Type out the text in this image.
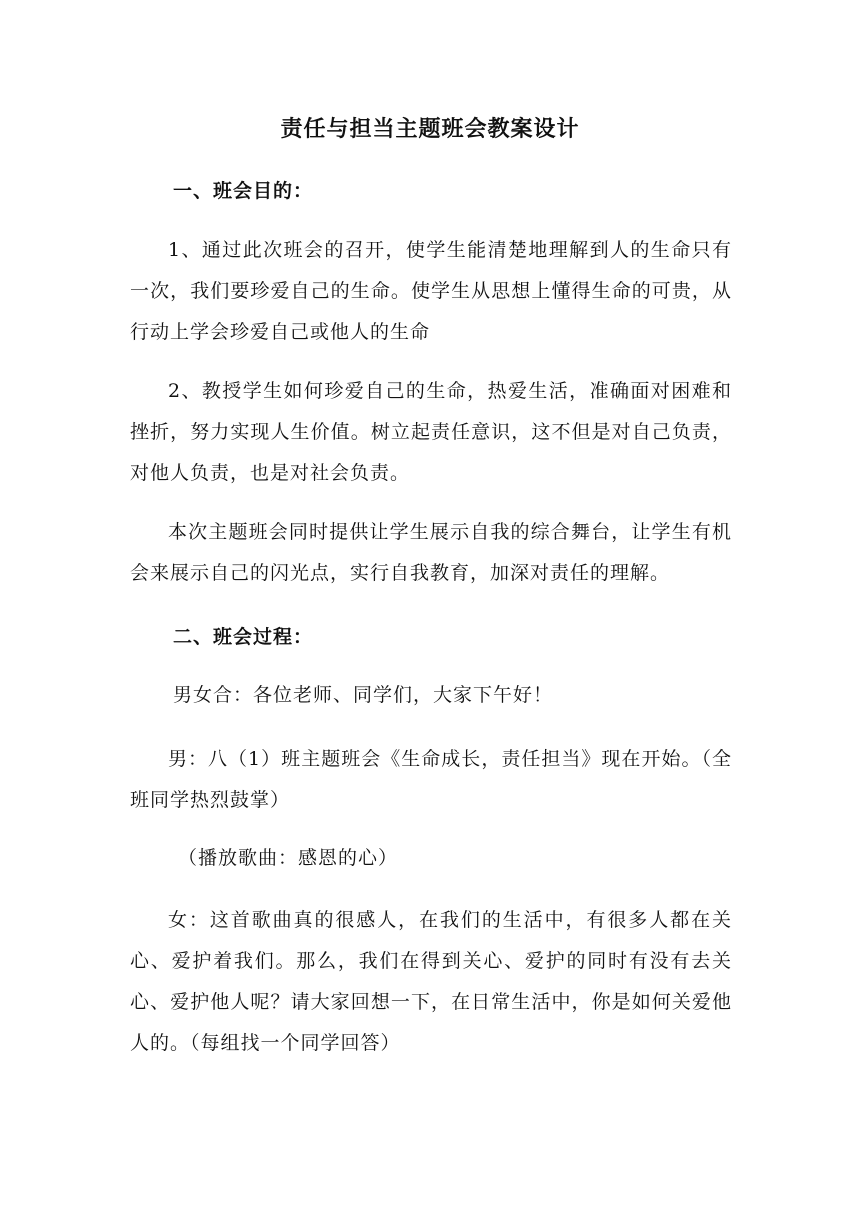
责任与担当主题班会教案设计
一、班会目的：

1、通过此次班会的召开，使学生能清楚地理解到人的生命只有一次，我们要珍爱自己的生命。使学生从思想上懂得生命的可贵，从行动上学会珍爱自己或他人的生命

2、教授学生如何珍爱自己的生命，热爱生活，准确面对困难和挫折，努力实现人生价值。树立起责任意识，这不但是对自己负责，对他人负责，也是对社会负责。

本次主题班会同时提供让学生展示自我的综合舞台，让学生有机会来展示自己的闪光点，实行自我教育，加深对责任的理解。

二、班会过程：

男女合：各位老师、同学们，大家下午好！

男：八（1）班主题班会《生命成长，责任担当》现在开始。（全班同学热烈鼓掌）

（播放歌曲：感恩的心）

女：这首歌曲真的很感人，在我们的生活中，有很多人都在关心、爱护着我们。那么，我们在得到关心、爱护的同时有没有去关心、爱护他人呢？请大家回想一下，在日常生活中，你是如何关爱他人的。（每组找一个同学回答）
